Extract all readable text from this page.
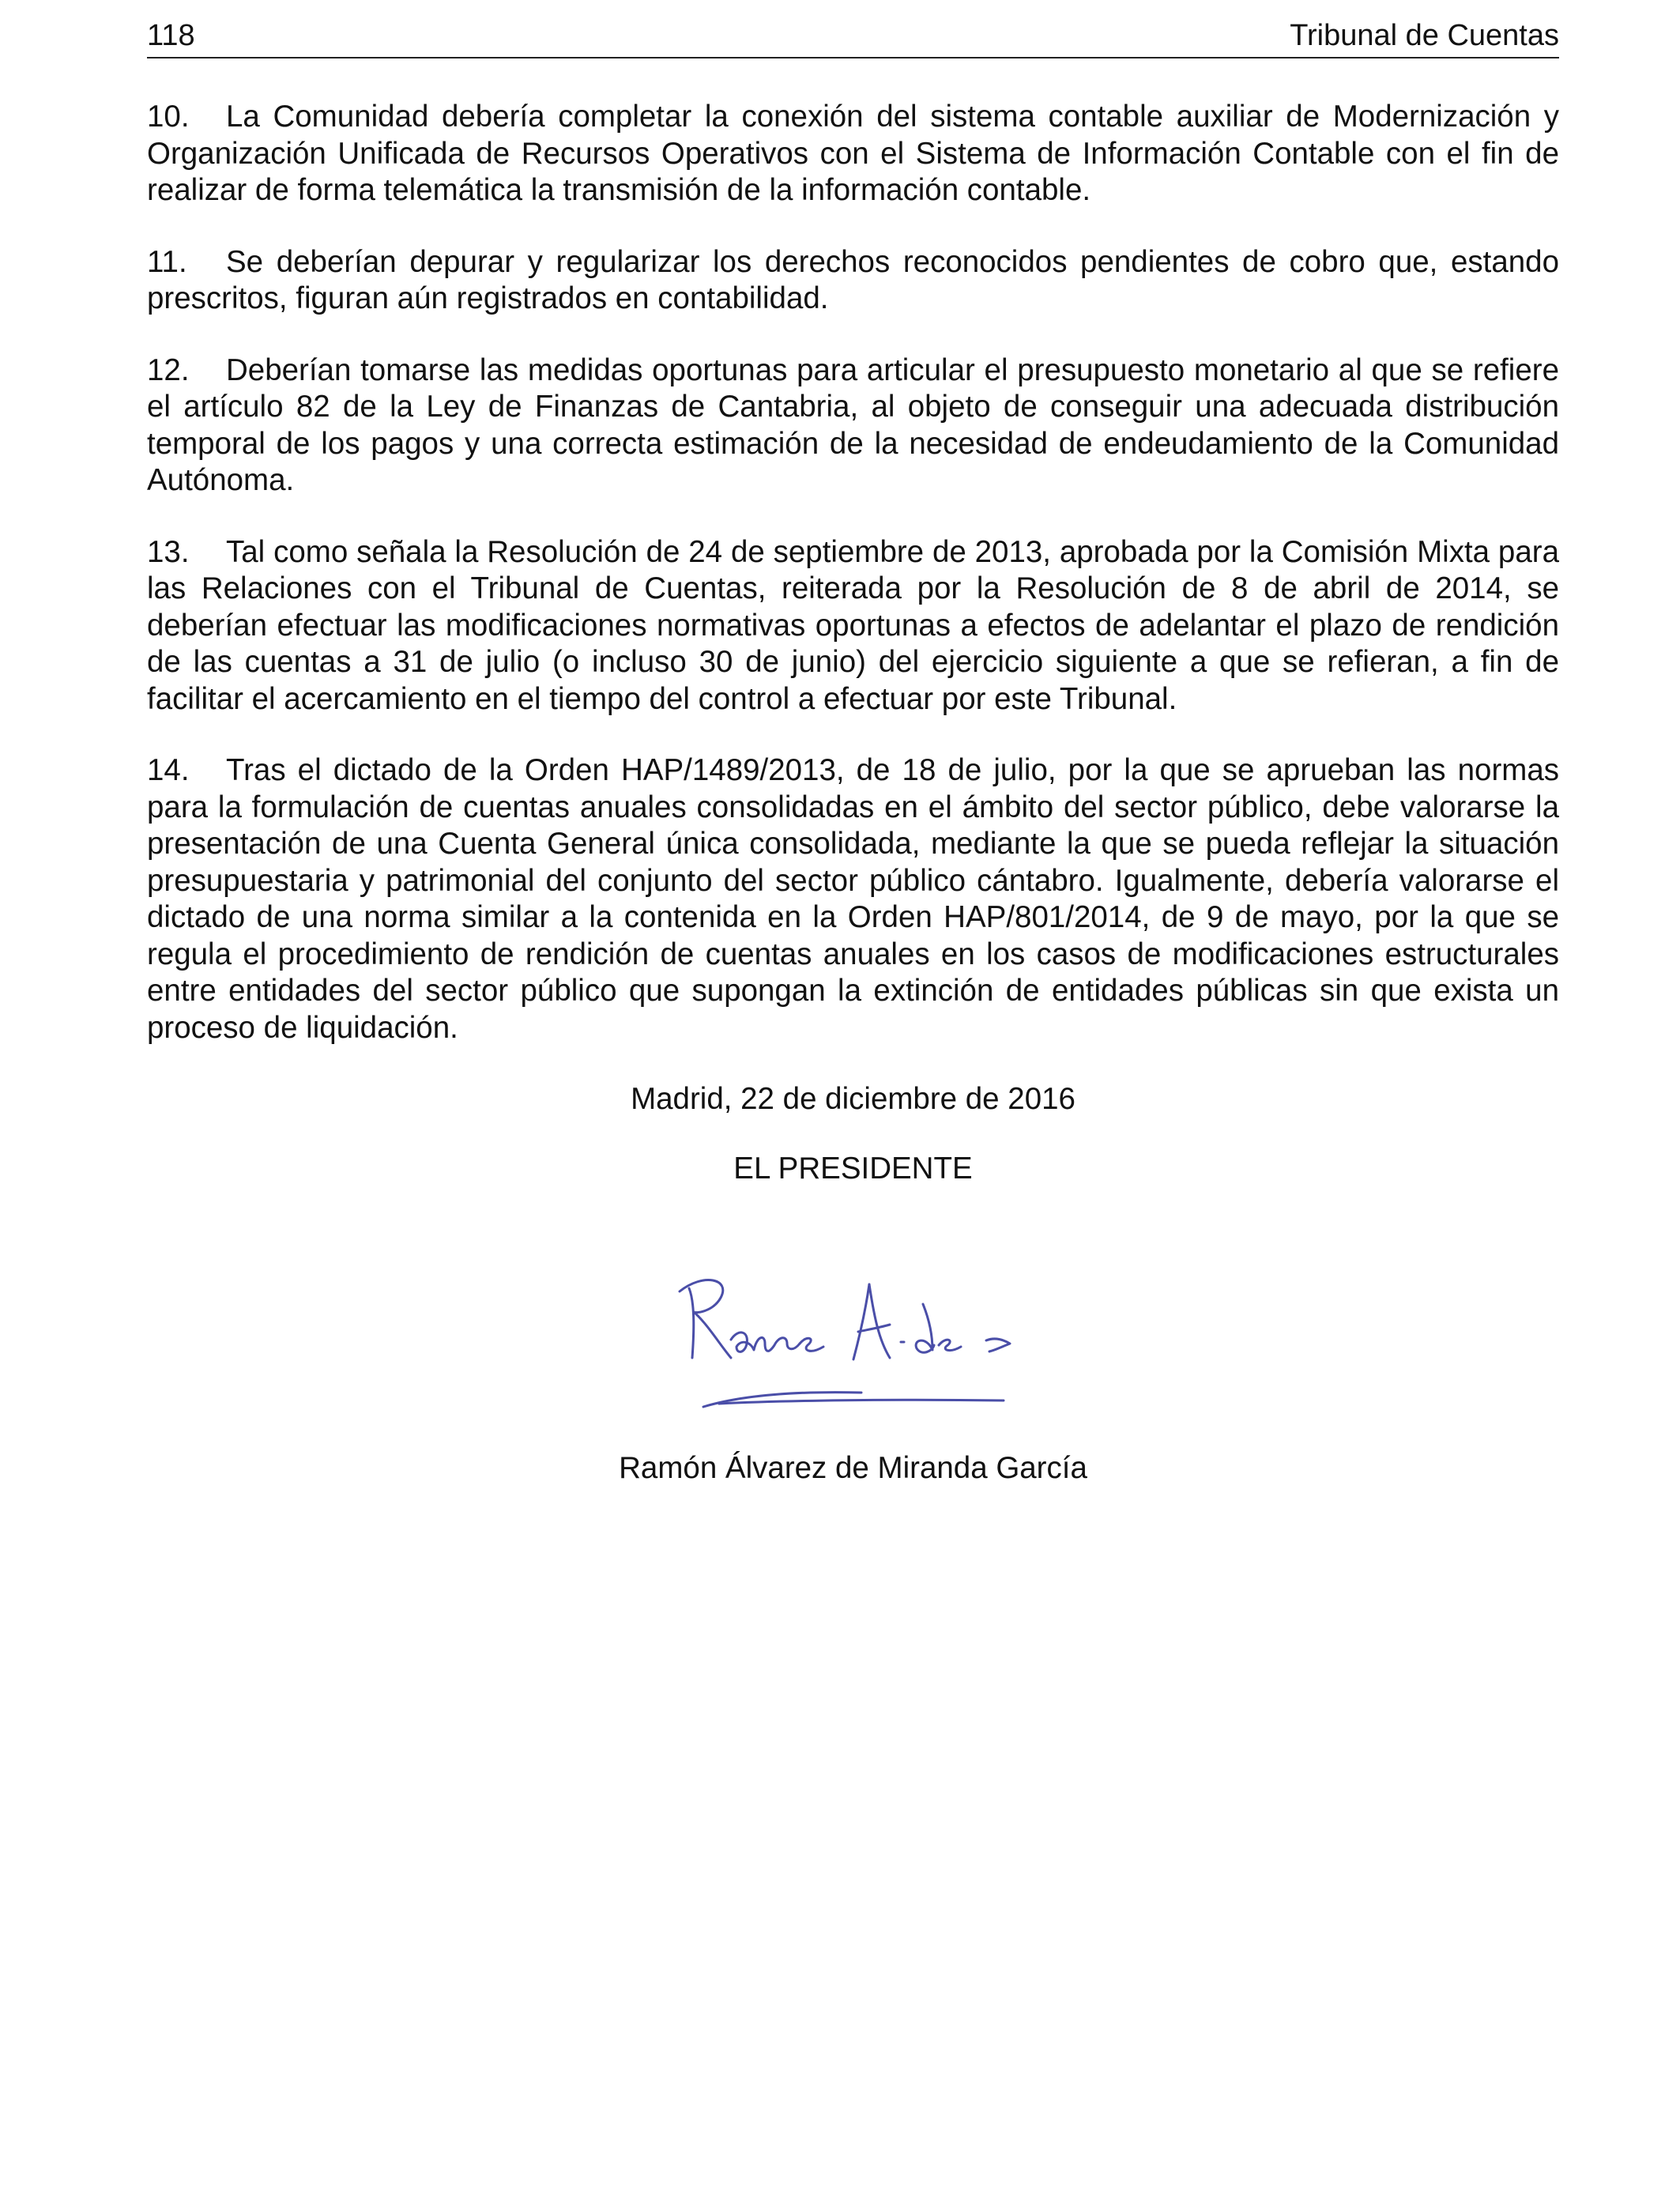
118	Tribunal de Cuentas

10. La Comunidad debería completar la conexión del sistema contable auxiliar de Modernización y Organización Unificada de Recursos Operativos con el Sistema de Información Contable con el fin de realizar de forma telemática la transmisión de la información contable.

11. Se deberían depurar y regularizar los derechos reconocidos pendientes de cobro que, estando prescritos, figuran aún registrados en contabilidad.

12. Deberían tomarse las medidas oportunas para articular el presupuesto monetario al que se refiere el artículo 82 de la Ley de Finanzas de Cantabria, al objeto de conseguir una adecuada distribución temporal de los pagos y una correcta estimación de la necesidad de endeudamiento de la Comunidad Autónoma.

13. Tal como señala la Resolución de 24 de septiembre de 2013, aprobada por la Comisión Mixta para las Relaciones con el Tribunal de Cuentas, reiterada por la Resolución de 8 de abril de 2014, se deberían efectuar las modificaciones normativas oportunas a efectos de adelantar el plazo de rendición de las cuentas a 31 de julio (o incluso 30 de junio) del ejercicio siguiente a que se refieran, a fin de facilitar el acercamiento en el tiempo del control a efectuar por este Tribunal.

14. Tras el dictado de la Orden HAP/1489/2013, de 18 de julio, por la que se aprueban las normas para la formulación de cuentas anuales consolidadas en el ámbito del sector público, debe valorarse la presentación de una Cuenta General única consolidada, mediante la que se pueda reflejar la situación presupuestaria y patrimonial del conjunto del sector público cántabro. Igualmente, debería valorarse el dictado de una norma similar a la contenida en la Orden HAP/801/2014, de 9 de mayo, por la que se regula el procedimiento de rendición de cuentas anuales en los casos de modificaciones estructurales entre entidades del sector público que supongan la extinción de entidades públicas sin que exista un proceso de liquidación.

Madrid, 22 de diciembre de 2016
EL PRESIDENTE
Ramón Álvarez de Miranda García
